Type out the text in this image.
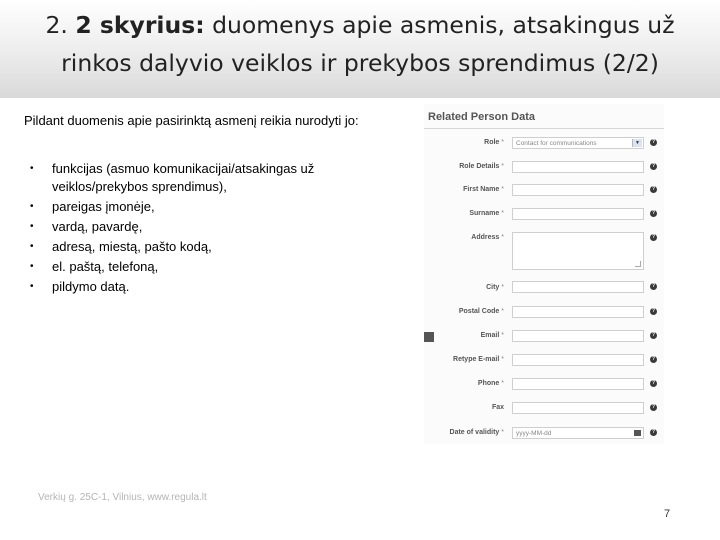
2. 2 skyrius: duomenys apie asmenis, atsakingus už
rinkos dalyvio veiklos ir prekybos sprendimus (2/2)
Pildant duomenis apie pasirinktą asmenį reikia nurodyti jo:
• funkcijas (asmuo komunikacijai/atsakingas už veiklos/prekybos sprendimus),
• pareigas įmonėje,
• vardą, pavardę,
• adresą, miestą, pašto kodą,
• el. paštą, telefoną,
• pildymo datą.
Related Person Data
Role *	Contact for communications	▼	?
Role Details *	?
First Name *	?
Surname *	?
Address *	?
City *	?
Postal Code *	?
Email *	?
Retype E-mail *	?
Phone *	?
Fax	?
Date of validity *	yyyy-MM-dd	?
Verkių g. 25C-1, Vilnius, www.regula.lt
7
